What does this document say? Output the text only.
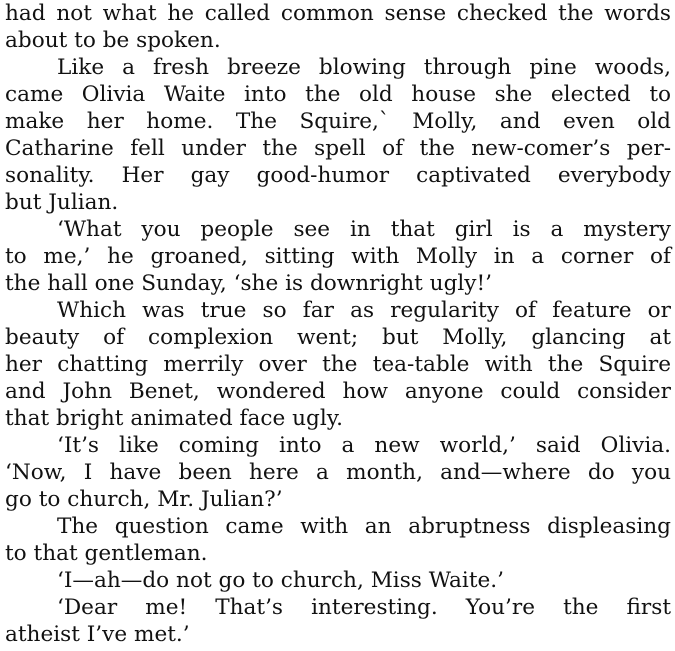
had not what he called common sense checked the words
about to be spoken.
Like a fresh breeze blowing through pine woods,
came Olivia Waite into the old house she elected to
make her home. The Squire,` Molly, and even old
Catharine fell under the spell of the new-comer’s per-
sonality. Her gay good-humor captivated everybody
but Julian.
‘What you people see in that girl is a mystery
to me,’ he groaned, sitting with Molly in a corner of
the hall one Sunday, ‘she is downright ugly!’
Which was true so far as regularity of feature or
beauty of complexion went; but Molly, glancing at
her chatting merrily over the tea-table with the Squire
and John Benet, wondered how anyone could consider
that bright animated face ugly.
‘It’s like coming into a new world,’ said Olivia.
‘Now, I have been here a month, and—where do you
go to church, Mr. Julian?’
The question came with an abruptness displeasing
to that gentleman.
‘I—ah—do not go to church, Miss Waite.’
‘Dear me! That’s interesting. You’re the first
atheist I’ve met.’
